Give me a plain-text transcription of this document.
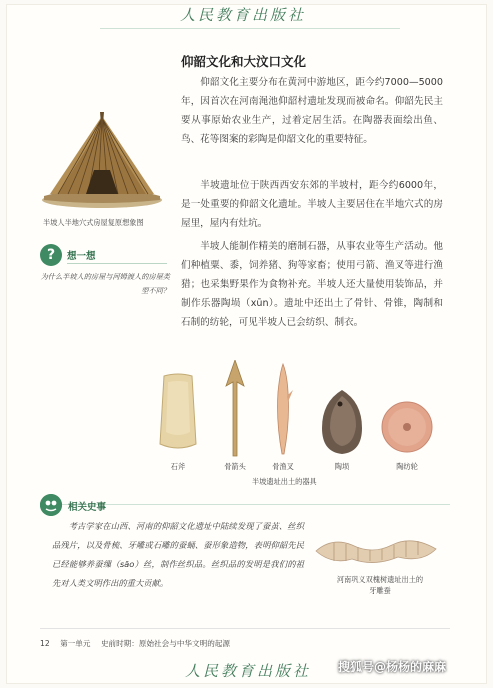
人民教育出版社
仰韶文化和大汶口文化

仰韶文化主要分布在黄河中游地区，距今约7000—5000年，因首次在河南渑池仰韶村遗址发现而被命名。仰韶先民主要从事原始农业生产，过着定居生活。在陶器表面绘出鱼、鸟、花等图案的彩陶是仰韶文化的重要特征。

半坡遗址位于陕西西安东郊的半坡村，距今约6000年，是一处重要的仰韶文化遗址。半坡人主要居住在半地穴式的房屋里，屋内有灶坑。

半坡人能制作精美的磨制石器，从事农业等生产活动。他们种植粟、黍，饲养猪、狗等家畜；使用弓箭、渔叉等进行渔猎；也采集野果作为食物补充。半坡人还大量使用装饰品，并制作乐器陶埙（xūn）。遗址中还出土了骨针、骨锥，陶制和石制的纺轮，可见半坡人已会纺织、制衣。

半坡人半地穴式房屋复原想象图
?	想一想
为什么半坡人的房屋与河姆渡人的房屋类型不同？
石斧	骨箭头	骨渔叉	陶埙	陶纺轮
半坡遗址出土的器具
相关史事

考古学家在山西、河南的仰韶文化遗址中陆续发现了蚕茧、丝织品残片，以及骨梳、牙雕或石雕的蚕蛹、蚕形象造物，表明仰韶先民已经能够养蚕缫（sāo）丝，制作丝织品。丝织品的发明是我们的祖先对人类文明作出的重大贡献。	河南巩义双槐树遗址出土的牙雕蚕
12 第一单元 史前时期：原始社会与中华文明的起源
人民教育出版社 搜狐号@杨杨的麻麻
